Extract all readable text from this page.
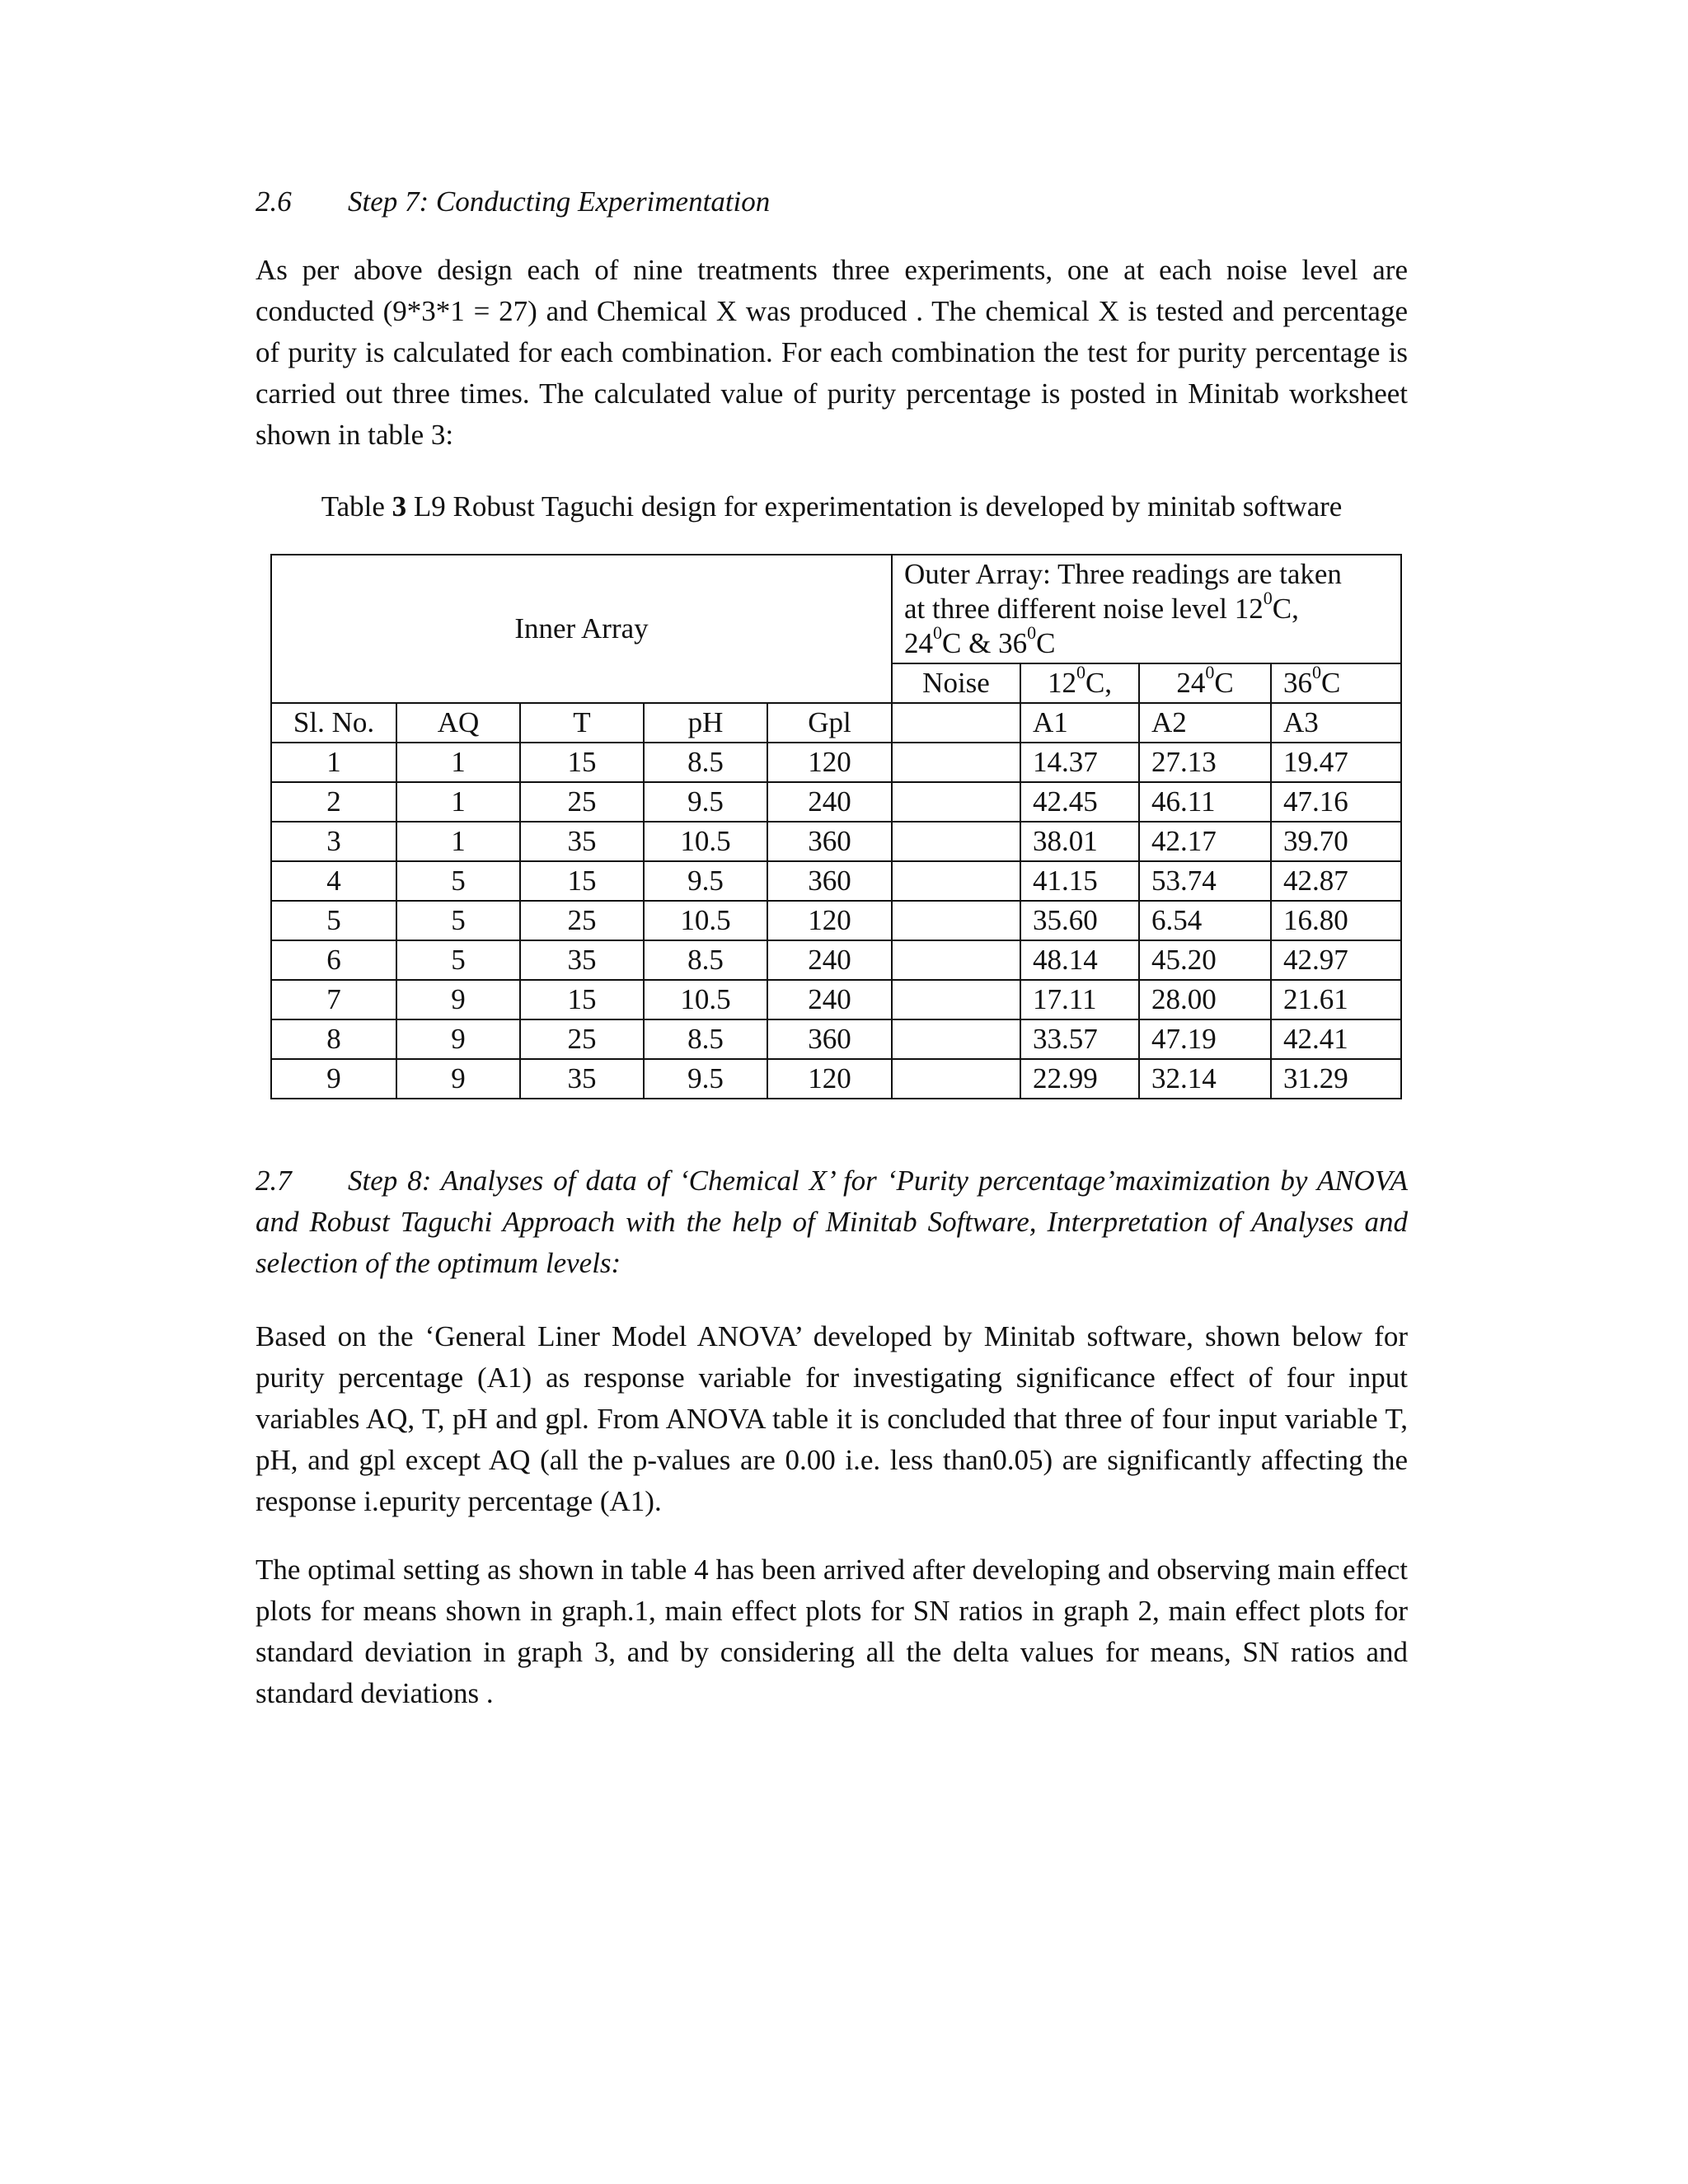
2.6 Step 7: Conducting Experimentation

As per above design each of nine treatments three experiments, one at each noise level are conducted (9*3*1 = 27) and Chemical X was produced . The chemical X is tested and percentage of purity is calculated for each combination. For each combination the test for purity percentage is carried out three times. The calculated value of purity percentage is posted in Minitab worksheet shown in table 3:

Table 3 L9 Robust Taguchi design for experimentation is developed by minitab software

Inner Array					Outer Array: Three readings are taken
at three different noise level $12^0C$,
$24^0C$ & $36^0C$			
					Noise	$12^0C$,	$24^0C$	$36^0C$
Sl. No.	AQ	T	pH	Gpl		A1	A2	A3
1	1	15	8.5	120		14.37	27.13	19.47
2	1	25	9.5	240		42.45	46.11	47.16
3	1	35	10.5	360		38.01	42.17	39.70
4	5	15	9.5	360		41.15	53.74	42.87
5	5	25	10.5	120		35.60	6.54	16.80
6	5	35	8.5	240		48.14	45.20	42.97
7	9	15	10.5	240		17.11	28.00	21.61
8	9	25	8.5	360		33.57	47.19	42.41
9	9	35	9.5	120		22.99	32.14	31.29

2.7 Step 8: Analyses of data of ‘Chemical X’ for ‘Purity percentage’maximization by ANOVA and Robust Taguchi Approach with the help of Minitab Software, Interpretation of Analyses and selection of the optimum levels:

Based on the ‘General Liner Model ANOVA’ developed by Minitab software, shown below for purity percentage (A1) as response variable for investigating significance effect of four input variables AQ, T, pH and gpl. From ANOVA table it is concluded that three of four input variable T, pH, and gpl except AQ (all the p-values are 0.00 i.e. less than0.05) are significantly affecting the response i.epurity percentage (A1).

The optimal setting as shown in table 4 has been arrived after developing and observing main effect plots for means shown in graph.1, main effect plots for SN ratios in graph 2, main effect plots for standard deviation in graph 3, and by considering all the delta values for means, SN ratios and standard deviations .
